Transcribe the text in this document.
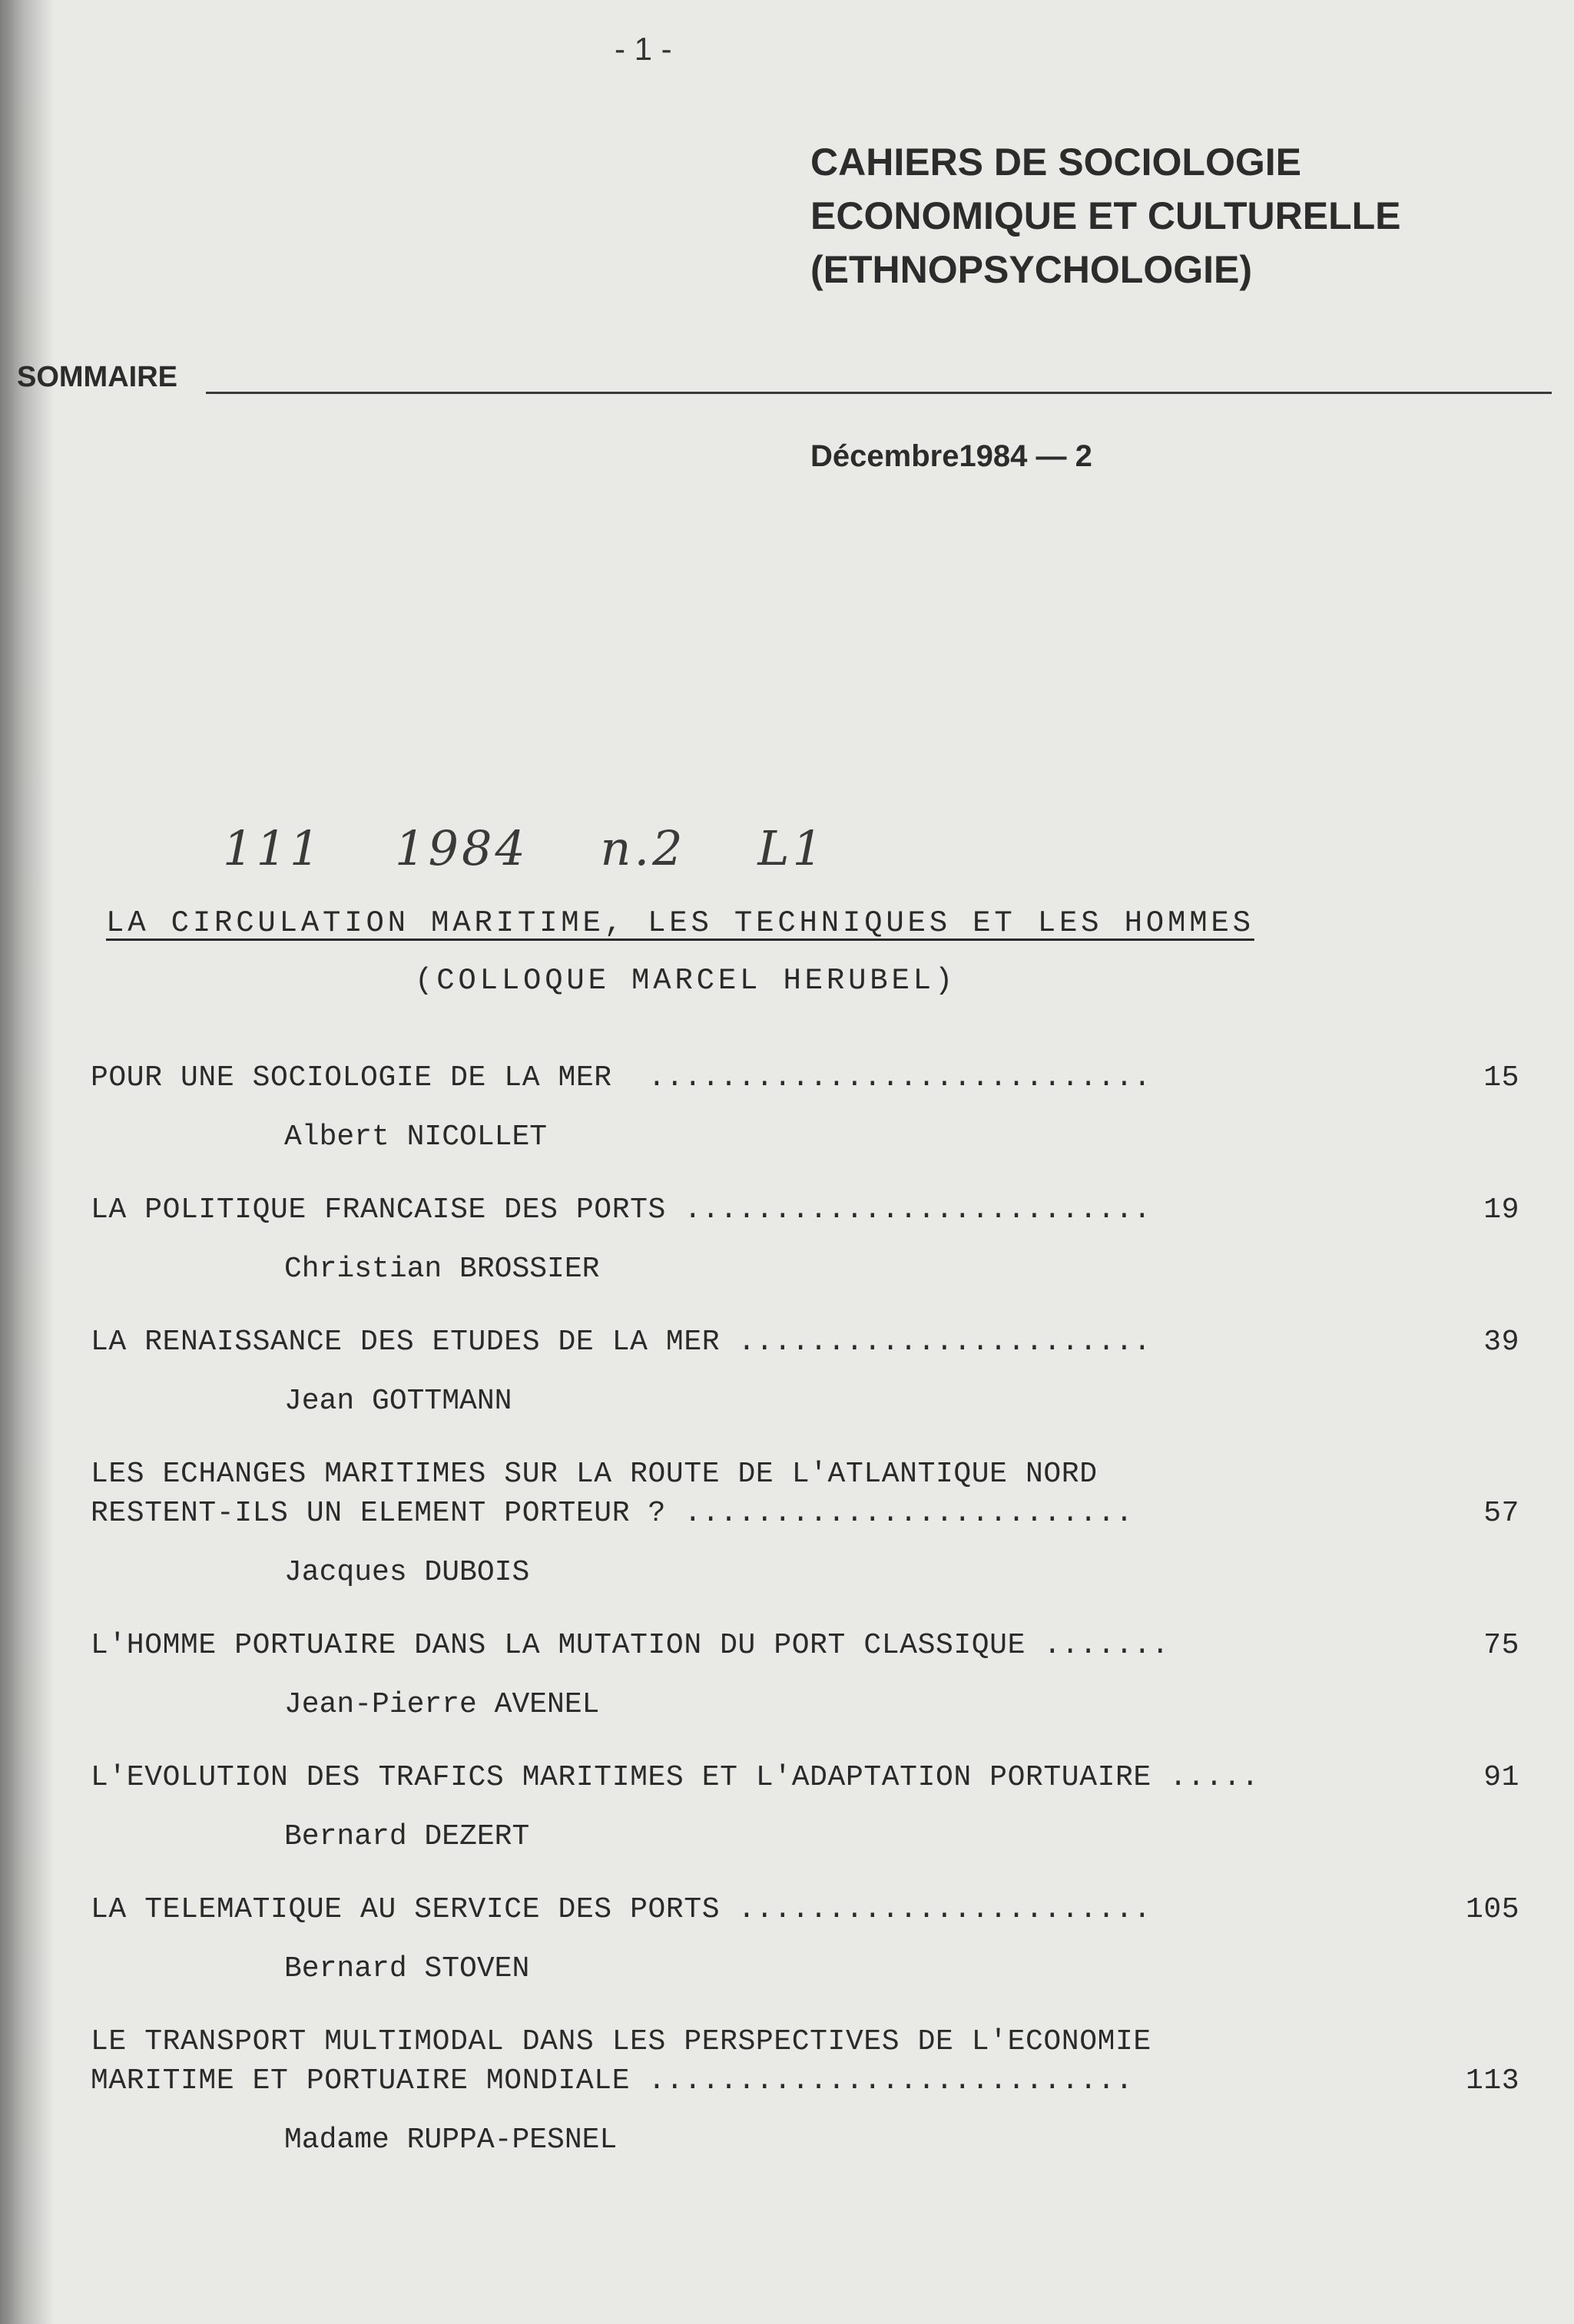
- 1 -
CAHIERS DE SOCIOLOGIE
ECONOMIQUE ET CULTURELLE
(ETHNOPSYCHOLOGIE)
SOMMAIRE
Décembre1984 — 2
111 1984 n.2 L1
LA CIRCULATION MARITIME, LES TECHNIQUES ET LES HOMMES
(COLLOQUE MARCEL HERUBEL)
POUR UNE SOCIOLOGIE DE LA MER  ............................	15
Albert NICOLLET
LA POLITIQUE FRANCAISE DES PORTS ..........................	19
Christian BROSSIER
LA RENAISSANCE DES ETUDES DE LA MER .......................	39
Jean GOTTMANN
LES ECHANGES MARITIMES SUR LA ROUTE DE L'ATLANTIQUE NORD
RESTENT-ILS UN ELEMENT PORTEUR ? .........................	57
Jacques DUBOIS
L'HOMME PORTUAIRE DANS LA MUTATION DU PORT CLASSIQUE .......	75
Jean-Pierre AVENEL
L'EVOLUTION DES TRAFICS MARITIMES ET L'ADAPTATION PORTUAIRE .....	91
Bernard DEZERT
LA TELEMATIQUE AU SERVICE DES PORTS .......................	105
Bernard STOVEN
LE TRANSPORT MULTIMODAL DANS LES PERSPECTIVES DE L'ECONOMIE
MARITIME ET PORTUAIRE MONDIALE ...........................	113
Madame RUPPA-PESNEL
